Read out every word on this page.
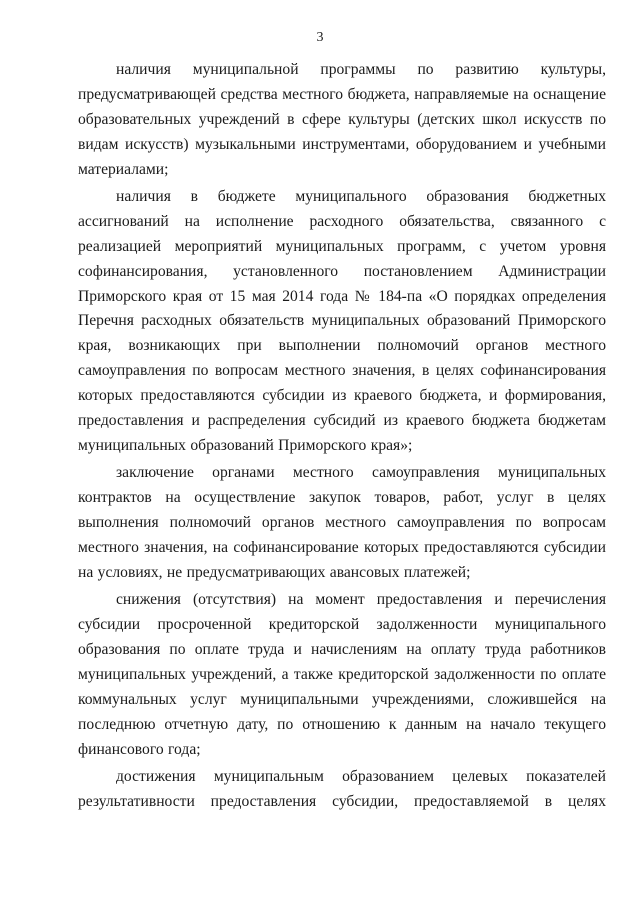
3

наличия муниципальной программы по развитию культуры, предусматривающей средства местного бюджета, направляемые на оснащение образовательных учреждений в сфере культуры (детских школ искусств по видам искусств) музыкальными инструментами, оборудованием и учебными материалами;

наличия в бюджете муниципального образования бюджетных ассигнований на исполнение расходного обязательства, связанного с реализацией мероприятий муниципальных программ, с учетом уровня софинансирования, установленного постановлением Администрации Приморского края от 15 мая 2014 года № 184-па «О порядках определения Перечня расходных обязательств муниципальных образований Приморского края, возникающих при выполнении полномочий органов местного самоуправления по вопросам местного значения, в целях софинансирования которых предоставляются субсидии из краевого бюджета, и формирования, предоставления и распределения субсидий из краевого бюджета бюджетам муниципальных образований Приморского края»;

заключение органами местного самоуправления муниципальных контрактов на осуществление закупок товаров, работ, услуг в целях выполнения полномочий органов местного самоуправления по вопросам местного значения, на софинансирование которых предоставляются субсидии на условиях, не предусматривающих авансовых платежей;

снижения (отсутствия) на момент предоставления и перечисления субсидии просроченной кредиторской задолженности муниципального образования по оплате труда и начислениям на оплату труда работников муниципальных учреждений, а также кредиторской задолженности по оплате коммунальных услуг муниципальными учреждениями, сложившейся на последнюю отчетную дату, по отношению к данным на начало текущего финансового года;

достижения муниципальным образованием целевых показателей результативности предоставления субсидии, предоставляемой в целях
